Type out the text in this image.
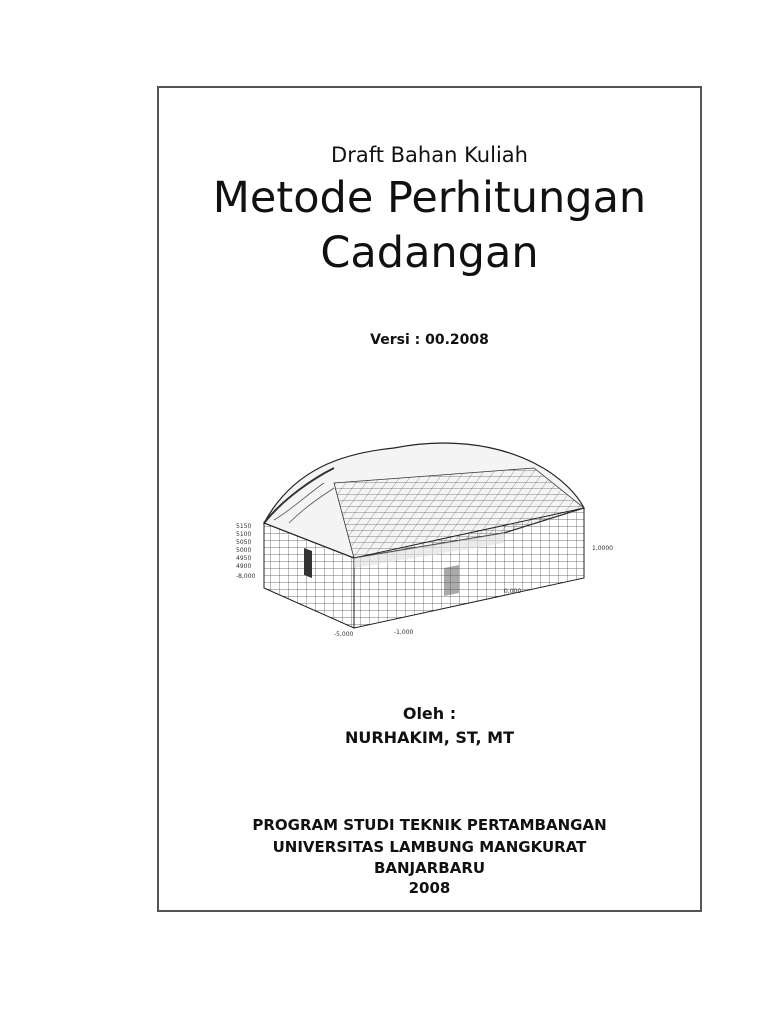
Draft Bahan Kuliah
Metode Perhitungan
Cadangan
Versi : 00.2008
5150
5100
5050
5000
4950
4900
-8,000
-5,000	-1,000
0,000
1,0000
Oleh :
NURHAKIM, ST, MT
PROGRAM STUDI TEKNIK PERTAMBANGAN
UNIVERSITAS LAMBUNG MANGKURAT
BANJARBARU
2008
